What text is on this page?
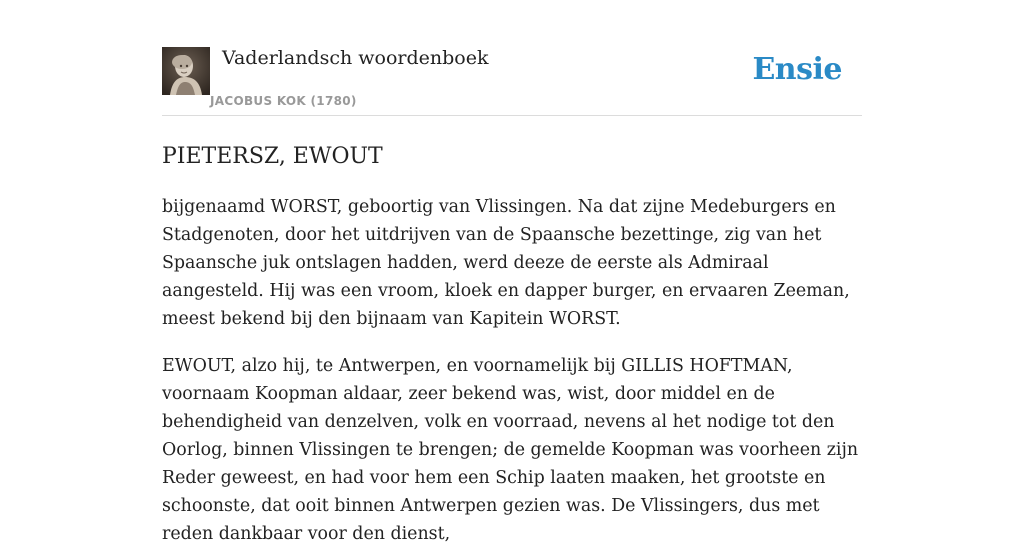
Vaderlandsch woordenboek
JACOBUS KOK (1780)
Ensie
PIETERSZ, EWOUT

bijgenaamd WORST, geboortig van Vlissingen. Na dat zijne Medeburgers en Stadgenoten, door het uitdrijven van de Spaansche bezettinge, zig van het Spaansche juk ontslagen hadden, werd deeze de eerste als Admiraal aangesteld. Hij was een vroom, kloek en dapper burger, en ervaaren Zeeman, meest bekend bij den bijnaam van Kapitein WORST.

EWOUT, alzo hij, te Antwerpen, en voornamelijk bij GILLIS HOFTMAN, voornaam Koopman aldaar, zeer bekend was, wist, door middel en de behendigheid van denzelven, volk en voorraad, nevens al het nodige tot den Oorlog, binnen Vlissingen te brengen; de gemelde Koopman was voorheen zijn Reder geweest, en had voor hem een Schip laaten maaken, het grootste en schoonste, dat ooit binnen Antwerpen gezien was. De Vlissingers, dus met reden dankbaar voor den dienst,
